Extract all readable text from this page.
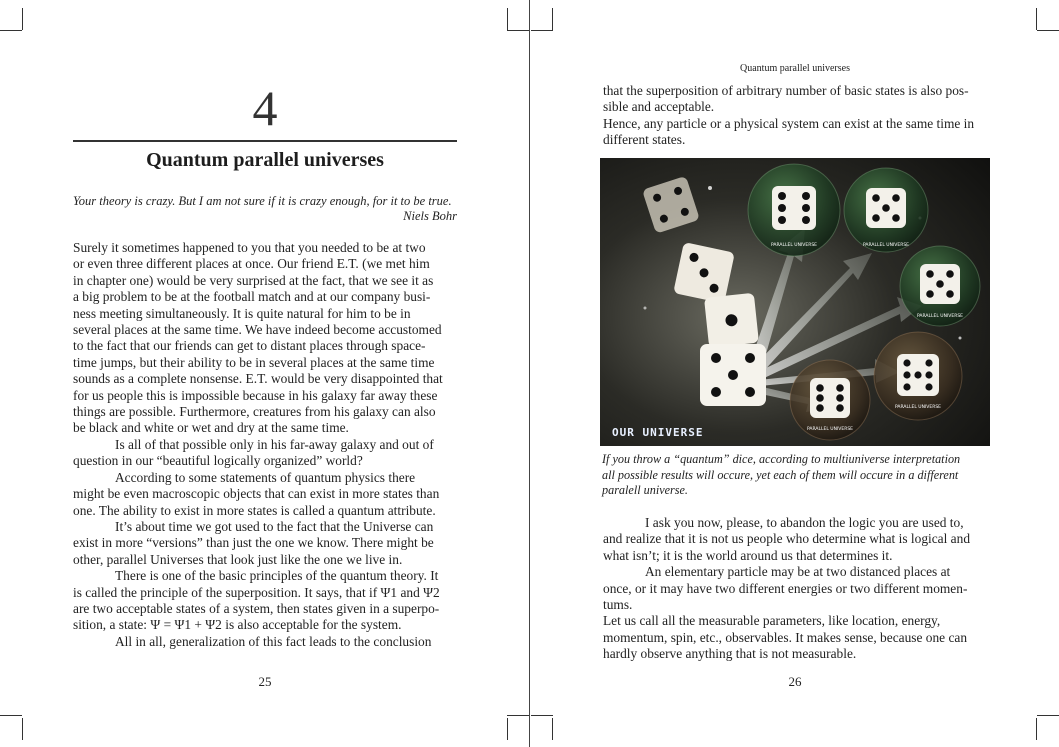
4
Quantum parallel universes
Your theory is crazy. But I am not sure if it is crazy enough, for it to be true.
Niels Bohr
Surely it sometimes happened to you that you needed to be at two
or even three different places at once. Our friend E.T. (we met him
in chapter one) would be very surprised at the fact, that we see it as
a big problem to be at the football match and at our company busi-
ness meeting simultaneously. It is quite natural for him to be in
several places at the same time. We have indeed become accustomed
to the fact that our friends can get to distant places through space-
time jumps, but their ability to be in several places at the same time
sounds as a complete nonsense. E.T. would be very disappointed that
for us people this is impossible because in his galaxy far away these
things are possible. Furthermore, creatures from his galaxy can also
be black and white or wet and dry at the same time.
Is all of that possible only in his far-away galaxy and out of
question in our “beautiful logically organized” world?
According to some statements of quantum physics there
might be even macroscopic objects that can exist in more states than
one. The ability to exist in more states is called a quantum attribute.
It’s about time we got used to the fact that the Universe can
exist in more “versions” than just the one we know. There might be
other, parallel Universes that look just like the one we live in.
There is one of the basic principles of the quantum theory. It
is called the principle of the superposition. It says, that if Ψ1 and Ψ2
are two acceptable states of a system, then states given in a superpo-
sition, a state: Ψ = Ψ1 + Ψ2 is also acceptable for the system.
All in all, generalization of this fact leads to the conclusion
25
Quantum parallel universes
that the superposition of arbitrary number of basic states is also pos-
sible and acceptable.
Hence, any particle or a physical system can exist at the same time in
different states.
PARALLEL UNIVERSE	PARALLEL UNIVERSE
PARALLEL UNIVERSE
PARALLEL UNIVERSE
PARALLEL UNIVERSE
OUR UNIVERSE
If you throw a “quantum” dice, according to multiuniverse interpretation
all possible results will occure, yet each of them will occure in a different
paralell universe.
I ask you now, please, to abandon the logic you are used to,
and realize that it is not us people who determine what is logical and
what isn’t; it is the world around us that determines it.
An elementary particle may be at two distanced places at
once, or it may have two different energies or two different momen-
tums.
Let us call all the measurable parameters, like location, energy,
momentum, spin, etc., observables. It makes sense, because one can
hardly observe anything that is not measurable.
26
